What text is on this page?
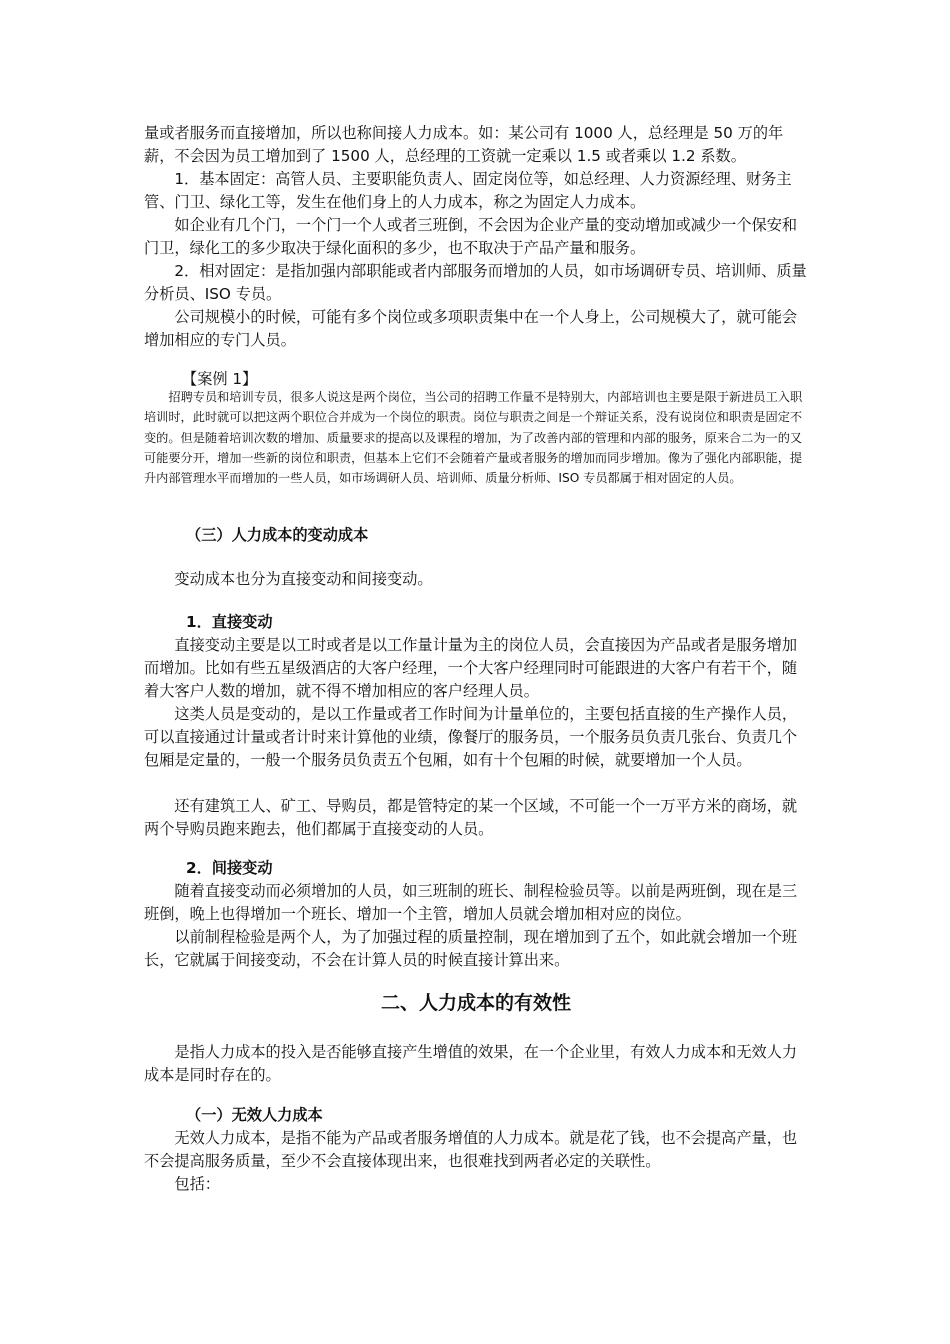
量或者服务而直接增加，所以也称间接人力成本。如：某公司有 1000 人，总经理是 50 万的年薪，不会因为员工增加到了 1500 人，总经理的工资就一定乘以 1.5 或者乘以 1.2 系数。

1．基本固定：高管人员、主要职能负责人、固定岗位等，如总经理、人力资源经理、财务主管、门卫、绿化工等，发生在他们身上的人力成本，称之为固定人力成本。

如企业有几个门，一个门一个人或者三班倒，不会因为企业产量的变动增加或减少一个保安和门卫，绿化工的多少取决于绿化面积的多少，也不取决于产品产量和服务。

2．相对固定：是指加强内部职能或者内部服务而增加的人员，如市场调研专员、培训师、质量分析员、ISO 专员。

公司规模小的时候，可能有多个岗位或多项职责集中在一个人身上，公司规模大了，就可能会增加相应的专门人员。

【案例 1】

招聘专员和培训专员，很多人说这是两个岗位，当公司的招聘工作量不是特别大，内部培训也主要是限于新进员工入职培训时，此时就可以把这两个职位合并成为一个岗位的职责。岗位与职责之间是一个辩证关系，没有说岗位和职责是固定不变的。但是随着培训次数的增加、质量要求的提高以及课程的增加，为了改善内部的管理和内部的服务，原来合二为一的又可能要分开，增加一些新的岗位和职责，但基本上它们不会随着产量或者服务的增加而同步增加。像为了强化内部职能，提升内部管理水平而增加的一些人员，如市场调研人员、培训师、质量分析师、ISO 专员都属于相对固定的人员。

（三）人力成本的变动成本

变动成本也分为直接变动和间接变动。

1．直接变动

直接变动主要是以工时或者是以工作量计量为主的岗位人员，会直接因为产品或者是服务增加而增加。比如有些五星级酒店的大客户经理，一个大客户经理同时可能跟进的大客户有若干个，随着大客户人数的增加，就不得不增加相应的客户经理人员。

这类人员是变动的，是以工作量或者工作时间为计量单位的，主要包括直接的生产操作人员，可以直接通过计量或者计时来计算他的业绩，像餐厅的服务员，一个服务员负责几张台、负责几个包厢是定量的，一般一个服务员负责五个包厢，如有十个包厢的时候，就要增加一个人员。

还有建筑工人、矿工、导购员，都是管特定的某一个区域，不可能一个一万平方米的商场，就两个导购员跑来跑去，他们都属于直接变动的人员。

2．间接变动

随着直接变动而必须增加的人员，如三班制的班长、制程检验员等。以前是两班倒，现在是三班倒，晚上也得增加一个班长、增加一个主管，增加人员就会增加相对应的岗位。

以前制程检验是两个人，为了加强过程的质量控制，现在增加到了五个，如此就会增加一个班长，它就属于间接变动，不会在计算人员的时候直接计算出来。

二、人力成本的有效性

是指人力成本的投入是否能够直接产生增值的效果，在一个企业里，有效人力成本和无效人力成本是同时存在的。

（一）无效人力成本

无效人力成本，是指不能为产品或者服务增值的人力成本。就是花了钱，也不会提高产量，也不会提高服务质量，至少不会直接体现出来，也很难找到两者必定的关联性。

包括：
